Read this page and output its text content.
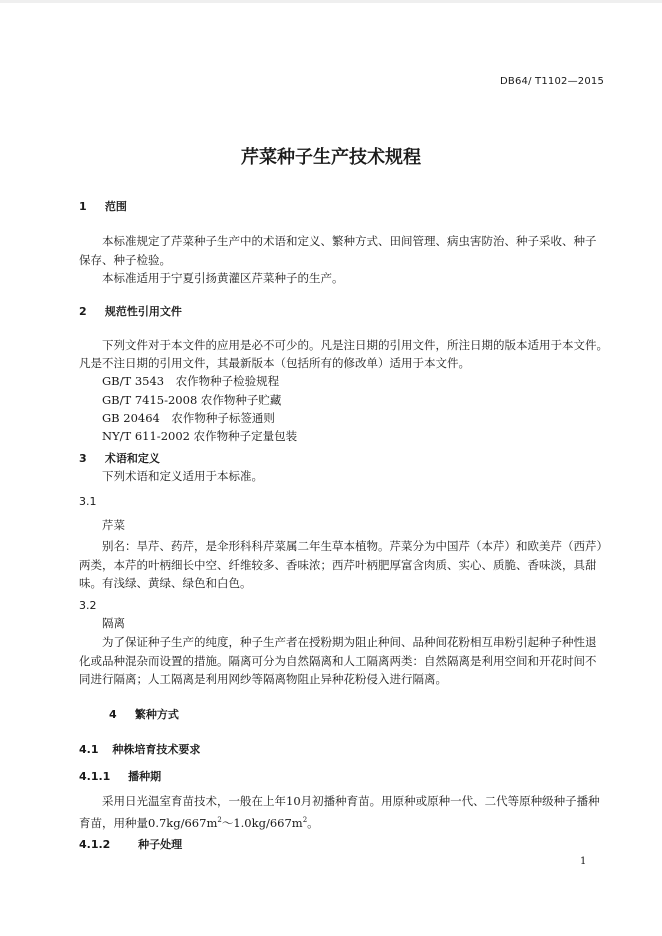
DB64/ T1102—2015
芹菜种子生产技术规程
1 范围
本标准规定了芹菜种子生产中的术语和定义、繁种方式、田间管理、病虫害防治、种子采收、种子
保存、种子检验。
本标准适用于宁夏引扬黄灌区芹菜种子的生产。
2 规范性引用文件
下列文件对于本文件的应用是必不可少的。凡是注日期的引用文件，所注日期的版本适用于本文件。
凡是不注日期的引用文件，其最新版本（包括所有的修改单）适用于本文件。
GB/T 3543　农作物种子检验规程
GB/T 7415-2008 农作物种子贮藏
GB 20464　农作物种子标签通则
NY/T 611-2002 农作物种子定量包装
3 术语和定义
下列术语和定义适用于本标准。
3.1
芹菜
别名：旱芹、药芹，是伞形科科芹菜属二年生草本植物。芹菜分为中国芹（本芹）和欧美芹（西芹）
两类，本芹的叶柄细长中空、纤维较多、香味浓；西芹叶柄肥厚富含肉质、实心、质脆、香味淡，具甜
味。有浅绿、黄绿、绿色和白色。
3.2
隔离
为了保证种子生产的纯度，种子生产者在授粉期为阻止种间、品种间花粉相互串粉引起种子种性退
化或品种混杂而设置的措施。隔离可分为自然隔离和人工隔离两类：自然隔离是利用空间和开花时间不
同进行隔离；人工隔离是利用网纱等隔离物阻止异种花粉侵入进行隔离。
4 繁种方式
4.1 种株培育技术要求
4.1.1 播种期
采用日光温室育苗技术，一般在上年10月初播种育苗。用原种或原种一代、二代等原种级种子播种
育苗，用种量$0.7kg/667m^2\sim 1.0kg/667m^2$。
4.1.2	种子处理
1
